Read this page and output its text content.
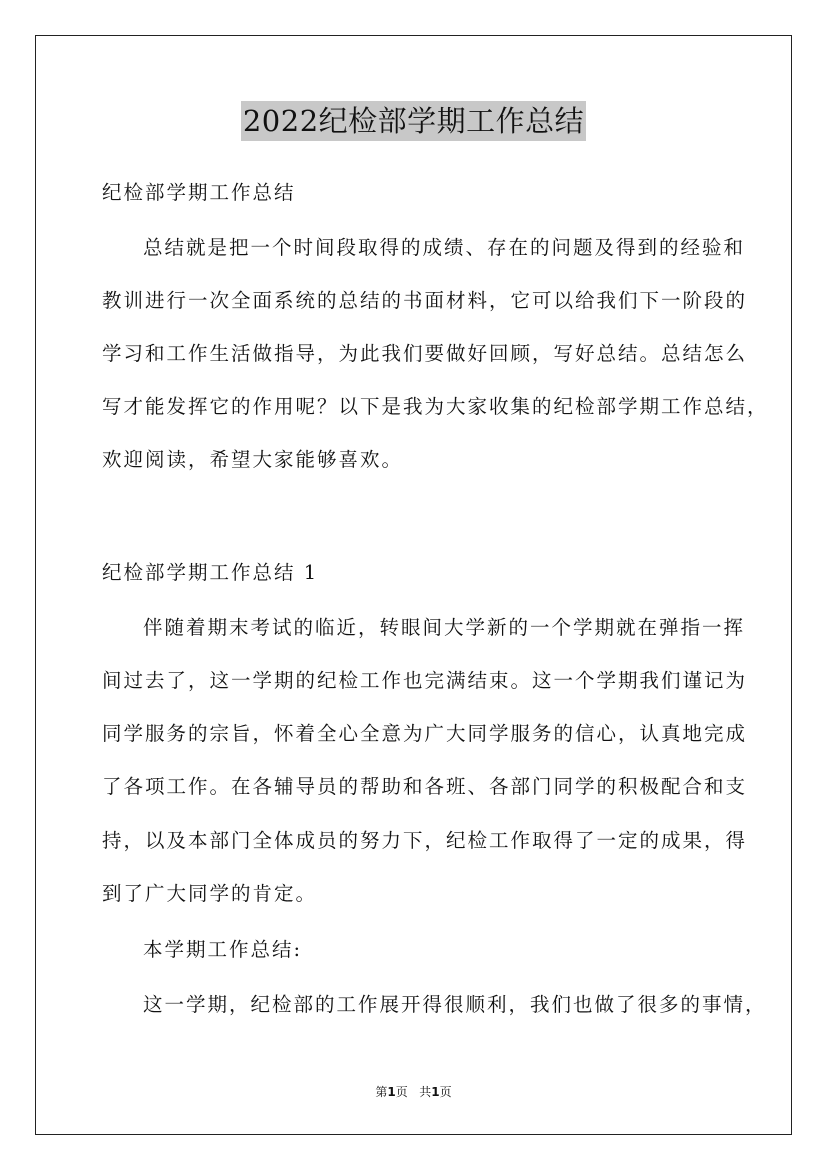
2022纪检部学期工作总结
纪检部学期工作总结
总结就是把一个时间段取得的成绩、存在的问题及得到的经验和
教训进行一次全面系统的总结的书面材料，它可以给我们下一阶段的
学习和工作生活做指导，为此我们要做好回顾，写好总结。总结怎么
写才能发挥它的作用呢？以下是我为大家收集的纪检部学期工作总结，
欢迎阅读，希望大家能够喜欢。
纪检部学期工作总结 1
伴随着期末考试的临近，转眼间大学新的一个学期就在弹指一挥
间过去了，这一学期的纪检工作也完满结束。这一个学期我们谨记为
同学服务的宗旨，怀着全心全意为广大同学服务的信心，认真地完成
了各项工作。在各辅导员的帮助和各班、各部门同学的积极配合和支
持，以及本部门全体成员的努力下，纪检工作取得了一定的成果，得
到了广大同学的肯定。
本学期工作总结:
这一学期，纪检部的工作展开得很顺利，我们也做了很多的事情，
第1页 共1页
